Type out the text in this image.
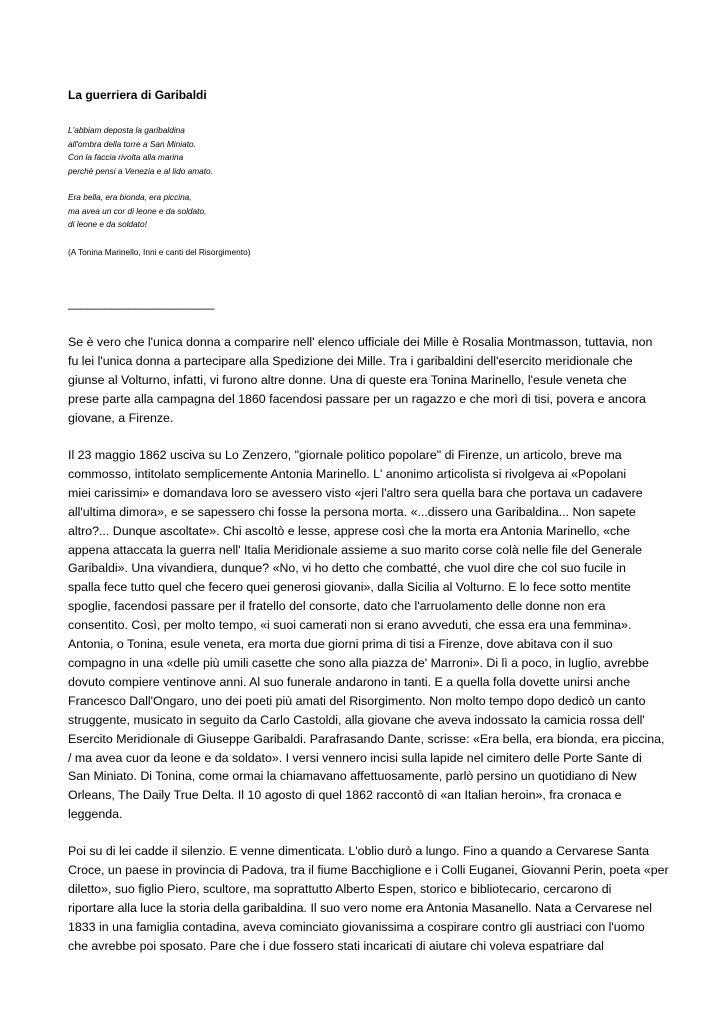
La guerriera di Garibaldi
L'abbiam deposta la garibaldina
all'ombra della torre a San Miniato.
Con la faccia rivolta alla marina
perchè pensi a Venezia e al lido amato.
Era bella, era bionda, era piccina,
ma avea un cor di leone e da soldato,
di leone e da soldato!
(A Tonina Marinello, Inni e canti del Risorgimento)
________________________
Se è vero che l'unica donna a comparire nell' elenco ufficiale dei Mille è Rosalia Montmasson, tuttavia, non
fu lei l'unica donna a partecipare alla Spedizione dei Mille. Tra i garibaldini dell'esercito meridionale che
giunse al Volturno, infatti, vi furono altre donne. Una di queste era Tonina Marinello, l'esule veneta che
prese parte alla campagna del 1860 facendosi passare per un ragazzo e che morì di tisi, povera e ancora
giovane, a Firenze.
Il 23 maggio 1862 usciva su Lo Zenzero, "giornale politico popolare" di Firenze, un articolo, breve ma
commosso, intitolato semplicemente Antonia Marinello. L' anonimo articolista si rivolgeva ai «Popolani
miei carissimi» e domandava loro se avessero visto «jeri l'altro sera quella bara che portava un cadavere
all'ultima dimora», e se sapessero chi fosse la persona morta. «...dissero una Garibaldina... Non sapete
altro?... Dunque ascoltate». Chi ascoltò e lesse, apprese così che la morta era Antonia Marinello, «che
appena attaccata la guerra nell' Italia Meridionale assieme a suo marito corse colà nelle file del Generale
Garibaldi». Una vivandiera, dunque? «No, vi ho detto che combatté, che vuol dire che col suo fucile in
spalla fece tutto quel che fecero quei generosi giovani», dalla Sicilia al Volturno. E lo fece sotto mentite
spoglie, facendosi passare per il fratello del consorte, dato che l'arruolamento delle donne non era
consentito. Così, per molto tempo, «i suoi camerati non si erano avveduti, che essa era una femmina».
Antonia, o Tonina, esule veneta, era morta due giorni prima di tisi a Firenze, dove abitava con il suo
compagno in una «delle più umili casette che sono alla piazza de' Marroni». Di lì a poco, in luglio, avrebbe
dovuto compiere ventinove anni. Al suo funerale andarono in tanti. E a quella folla dovette unirsi anche
Francesco Dall'Ongaro, uno dei poeti più amati del Risorgimento. Non molto tempo dopo dedicò un canto
struggente, musicato in seguito da Carlo Castoldi, alla giovane che aveva indossato la camicia rossa dell'
Esercito Meridionale di Giuseppe Garibaldi. Parafrasando Dante, scrisse: «Era bella, era bionda, era piccina,
/ ma avea cuor da leone e da soldato». I versi vennero incisi sulla lapide nel cimitero delle Porte Sante di
San Miniato. Di Tonina, come ormai la chiamavano affettuosamente, parlò persino un quotidiano di New
Orleans, The Daily True Delta. Il 10 agosto di quel 1862 raccontò di «an Italian heroin», fra cronaca e
leggenda.
Poi su di lei cadde il silenzio. E venne dimenticata. L'oblio durò a lungo. Fino a quando a Cervarese Santa
Croce, un paese in provincia di Padova, tra il fiume Bacchiglione e i Colli Euganei, Giovanni Perin, poeta «per
diletto», suo figlio Piero, scultore, ma soprattutto Alberto Espen, storico e bibliotecario, cercarono di
riportare alla luce la storia della garibaldina. Il suo vero nome era Antonia Masanello. Nata a Cervarese nel
1833 in una famiglia contadina, aveva cominciato giovanissima a cospirare contro gli austriaci con l'uomo
che avrebbe poi sposato. Pare che i due fossero stati incaricati di aiutare chi voleva espatriare dal
